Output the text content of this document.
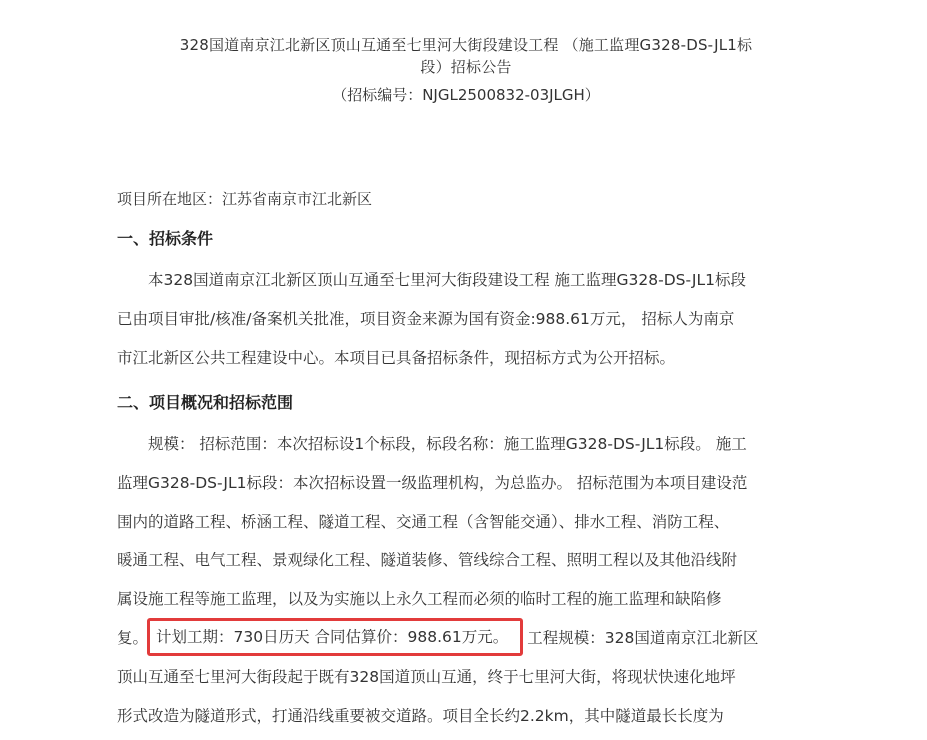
328国道南京江北新区顶山互通至七里河大街段建设工程 （施工监理G328-DS-JL1标
段）招标公告
（招标编号：NJGL2500832-03JLGH）
项目所在地区：江苏省南京市江北新区
一、招标条件
本328国道南京江北新区顶山互通至七里河大街段建设工程 施工监理G328-DS-JL1标段
已由项目审批/核准/备案机关批准，项目资金来源为国有资金:988.61万元， 招标人为南京
市江北新区公共工程建设中心。本项目已具备招标条件，现招标方式为公开招标。
二、项目概况和招标范围
规模： 招标范围：本次招标设1个标段，标段名称：施工监理G328-DS-JL1标段。 施工
监理G328-DS-JL1标段：本次招标设置一级监理机构，为总监办。 招标范围为本项目建设范
围内的道路工程、桥涵工程、隧道工程、交通工程（含智能交通）、排水工程、消防工程、
暖通工程、电气工程、景观绿化工程、隧道装修、管线综合工程、照明工程以及其他沿线附
属设施工程等施工监理，以及为实施以上永久工程而必须的临时工程的施工监理和缺陷修
复。 计划工期：730日历天 合同估算价：988.61万元。 工程规模：328国道南京江北新区
顶山互通至七里河大街段起于既有328国道顶山互通，终于七里河大街，将现状快速化地坪
形式改造为隧道形式，打通沿线重要被交道路。项目全长约2.2km，其中隧道最长长度为
